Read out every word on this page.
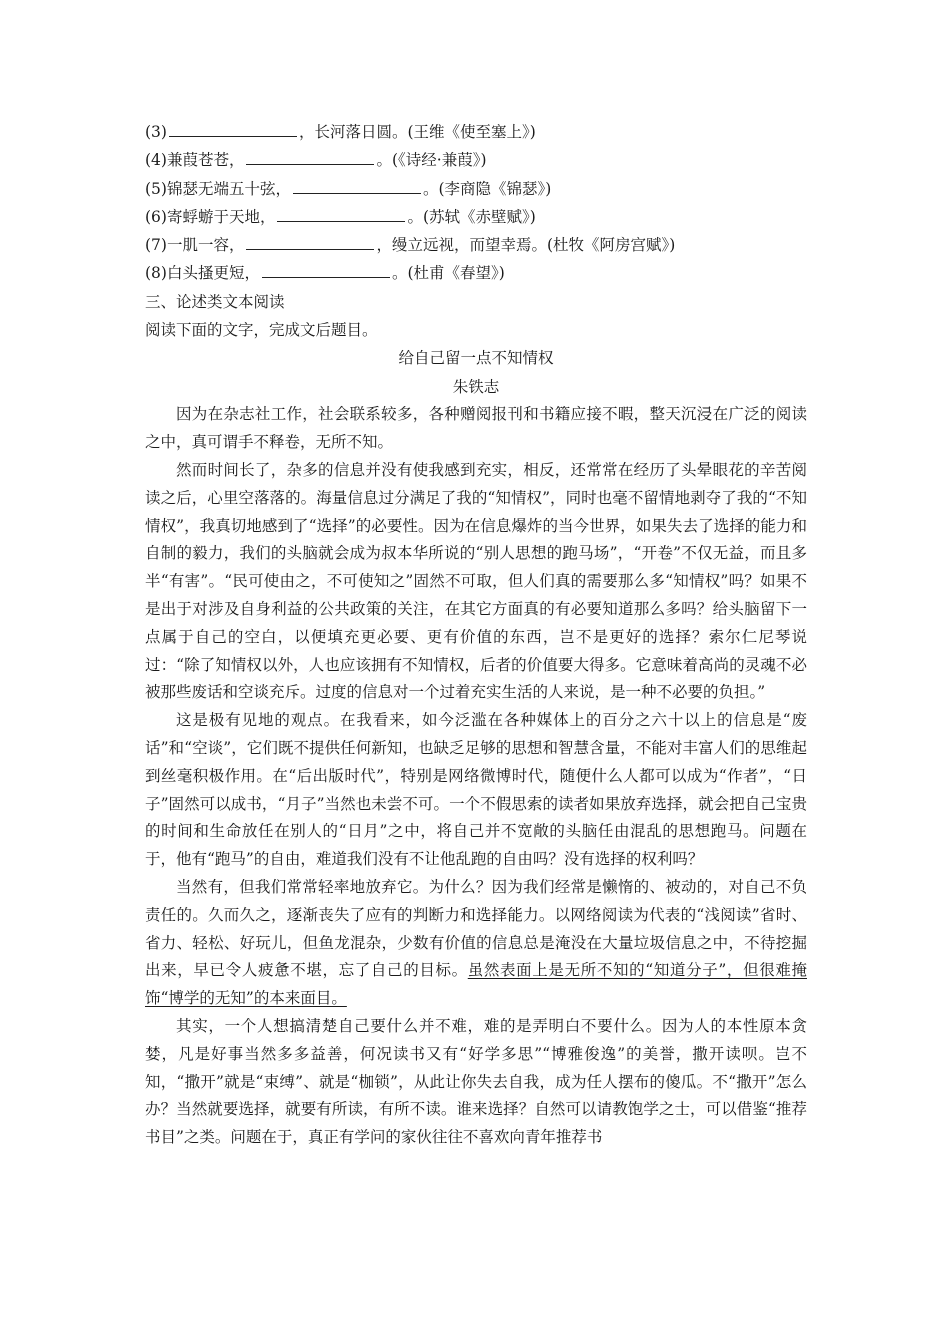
(3)	，长河落日圆。(王维《使至塞上》)
(4)兼葭苍苍，	。(《诗经·兼葭》)
(5)锦瑟无端五十弦，	。(李商隐《锦瑟》)
(6)寄蜉蝣于天地，	。(苏轼《赤壁赋》)
(7)一肌一容，	，缦立远视，而望幸焉。(杜牧《阿房宫赋》)
(8)白头搔更短，	。(杜甫《春望》)
三、论述类文本阅读
阅读下面的文字，完成文后题目。
给自己留一点不知情权
朱铁志

因为在杂志社工作，社会联系较多，各种赠阅报刊和书籍应接不暇，整天沉浸在广泛的阅读之中，真可谓手不释卷，无所不知。

然而时间长了，杂多的信息并没有使我感到充实，相反，还常常在经历了头晕眼花的辛苦阅读之后，心里空落落的。海量信息过分满足了我的“知情权”，同时也毫不留情地剥夺了我的“不知情权”，我真切地感到了“选择”的必要性。因为在信息爆炸的当今世界，如果失去了选择的能力和自制的毅力，我们的头脑就会成为叔本华所说的“别人思想的跑马场”，“开卷”不仅无益，而且多半“有害”。“民可使由之，不可使知之”固然不可取，但人们真的需要那么多“知情权”吗？如果不是出于对涉及自身利益的公共政策的关注，在其它方面真的有必要知道那么多吗？给头脑留下一点属于自己的空白，以便填充更必要、更有价值的东西，岂不是更好的选择？索尔仁尼琴说过：“除了知情权以外，人也应该拥有不知情权，后者的价值要大得多。它意味着高尚的灵魂不必被那些废话和空谈充斥。过度的信息对一个过着充实生活的人来说，是一种不必要的负担。”

这是极有见地的观点。在我看来，如今泛滥在各种媒体上的百分之六十以上的信息是“废话”和“空谈”，它们既不提供任何新知，也缺乏足够的思想和智慧含量，不能对丰富人们的思维起到丝毫积极作用。在“后出版时代”，特别是网络微博时代，随便什么人都可以成为“作者”，“日子”固然可以成书，“月子”当然也未尝不可。一个不假思索的读者如果放弃选择，就会把自己宝贵的时间和生命放任在别人的“日月”之中，将自己并不宽敞的头脑任由混乱的思想跑马。问题在于，他有“跑马”的自由，难道我们没有不让他乱跑的自由吗？没有选择的权利吗？

当然有，但我们常常轻率地放弃它。为什么？因为我们经常是懒惰的、被动的，对自己不负责任的。久而久之，逐渐丧失了应有的判断力和选择能力。以网络阅读为代表的“浅阅读”省时、省力、轻松、好玩儿，但鱼龙混杂，少数有价值的信息总是淹没在大量垃圾信息之中，不待挖掘出来，早已令人疲惫不堪，忘了自己的目标。虽然表面上是无所不知的“知道分子”，但很难掩饰“博学的无知”的本来面目。

其实，一个人想搞清楚自己要什么并不难，难的是弄明白不要什么。因为人的本性原本贪婪，凡是好事当然多多益善，何况读书又有“好学多思”“博雅俊逸”的美誉，撒开读呗。岂不知，“撒开”就是“束缚”、就是“枷锁”，从此让你失去自我，成为任人摆布的傻瓜。不“撒开”怎么办？当然就要选择，就要有所读，有所不读。谁来选择？自然可以请教饱学之士，可以借鉴“推荐书目”之类。问题在于，真正有学问的家伙往往不喜欢向青年推荐书
